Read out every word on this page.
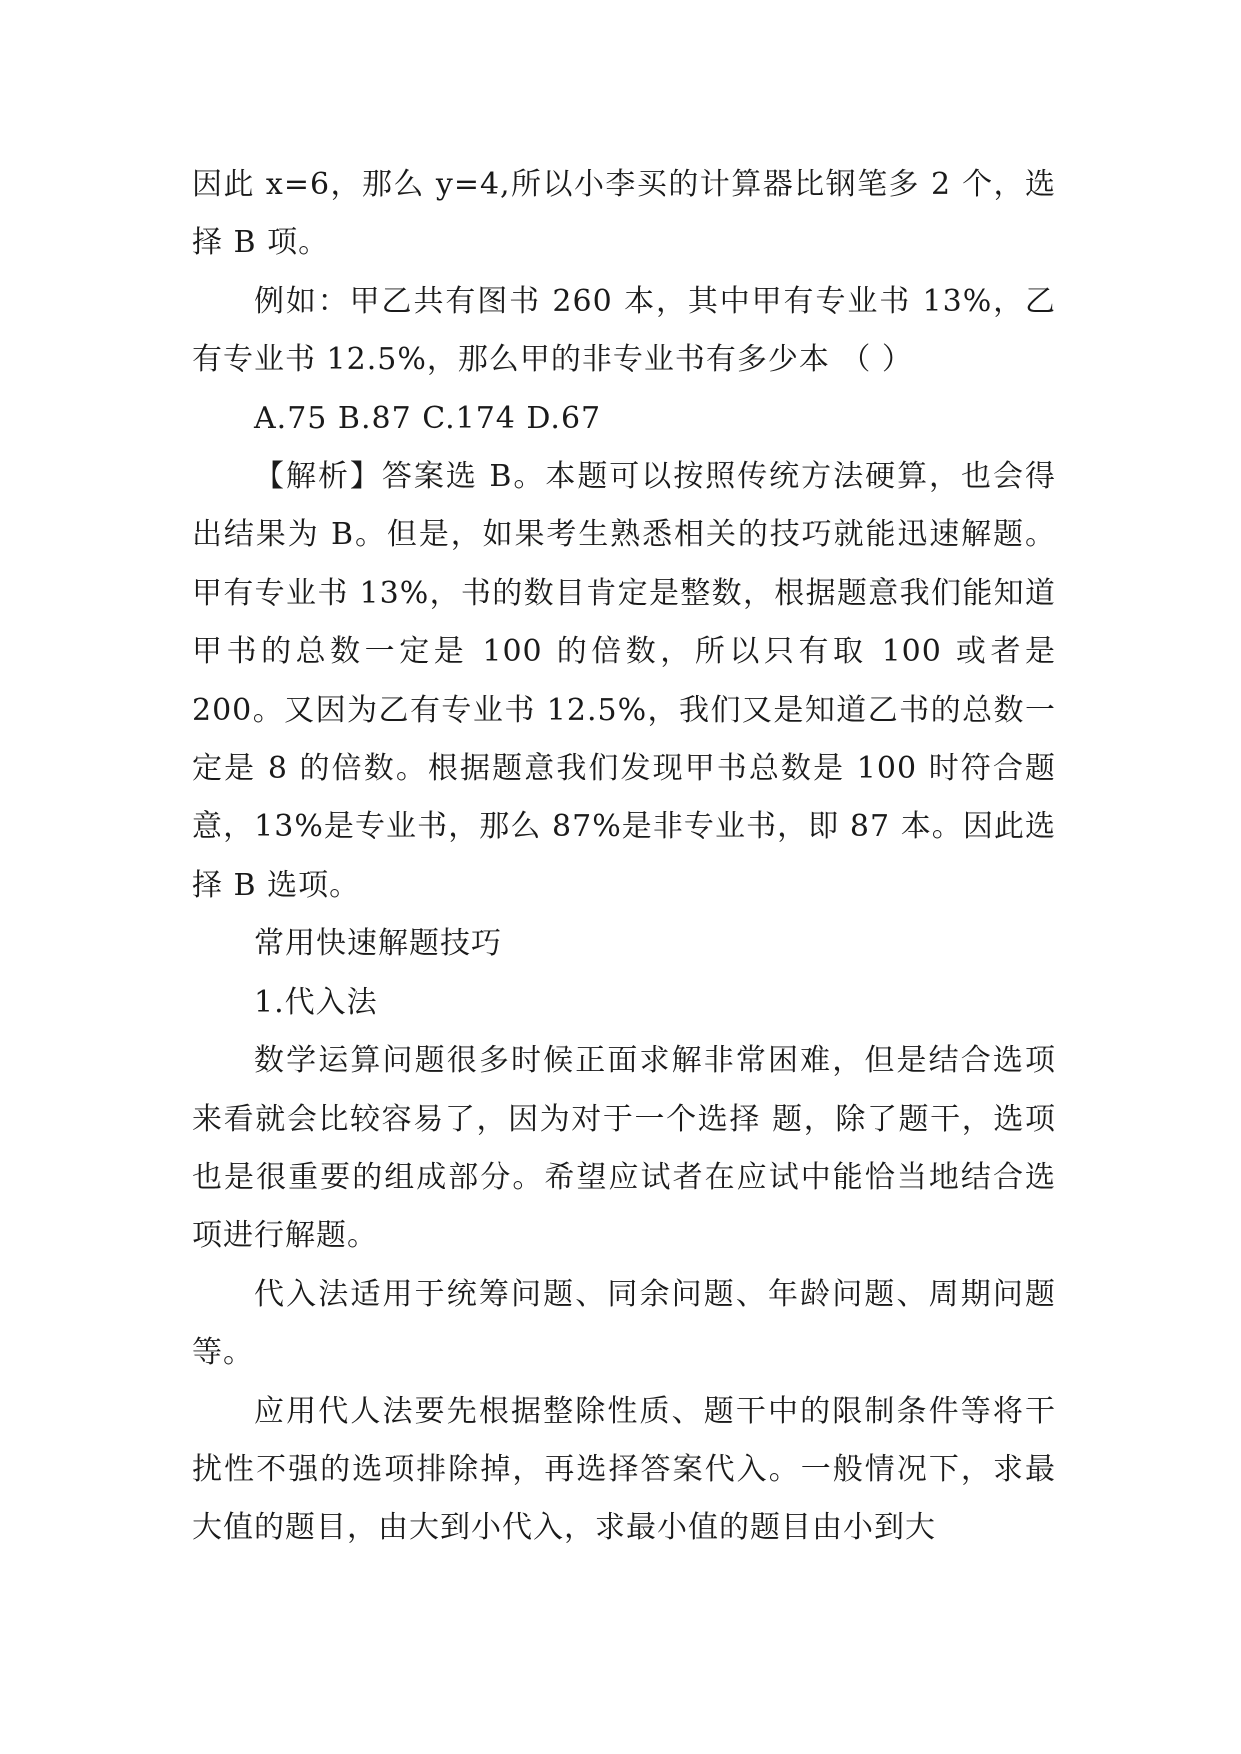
因此 x=6，那么 y=4,所以小李买的计算器比钢笔多 2 个，选择 B 项。

例如：甲乙共有图书 260 本，其中甲有专业书 13%，乙有专业书 12.5%，那么甲的非专业书有多少本 （ ）

A.75 B.87 C.174 D.67

【解析】答案选 B。本题可以按照传统方法硬算，也会得出结果为 B。但是，如果考生熟悉相关的技巧就能迅速解题。甲有专业书 13%，书的数目肯定是整数，根据题意我们能知道甲书的总数一定是 100 的倍数，所以只有取 100 或者是 200。又因为乙有专业书 12.5%，我们又是知道乙书的总数一定是 8 的倍数。根据题意我们发现甲书总数是 100 时符合题意，13%是专业书，那么 87%是非专业书，即 87 本。因此选择 B 选项。

常用快速解题技巧

1.代入法

数学运算问题很多时候正面求解非常困难，但是结合选项来看就会比较容易了，因为对于一个选择 题，除了题干，选项也是很重要的组成部分。希望应试者在应试中能恰当地结合选项进行解题。

代入法适用于统筹问题、同余问题、年龄问题、周期问题等。

应用代人法要先根据整除性质、题干中的限制条件等将干扰性不强的选项排除掉，再选择答案代入。一般情况下，求最大值的题目，由大到小代入，求最小值的题目由小到大
